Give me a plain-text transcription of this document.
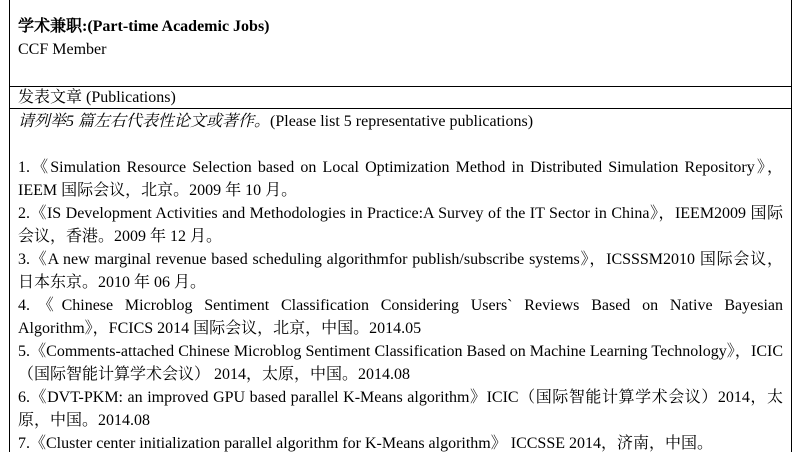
学术兼职:(Part-time Academic Jobs)
CCF Member
发表文章 (Publications)
请列举5 篇左右代表性论文或著作。(Please list 5 representative publications)
1.《Simulation Resource Selection based on Local Optimization Method in Distributed Simulation Repository》，IEEM 国际会议，北京。2009 年 10 月。
2.《IS Development Activities and Methodologies in Practice:A Survey of the IT Sector in China》，IEEM2009 国际会议，香港。2009 年 12 月。
3.《A new marginal revenue based scheduling algorithmfor publish/subscribe systems》，ICSSSM2010 国际会议，日本东京。2010 年 06 月。
4.《Chinese Microblog Sentiment Classification Considering Users` Reviews Based on Native Bayesian Algorithm》，FCICS 2014 国际会议，北京，中国。2014.05
5.《Comments-attached Chinese Microblog Sentiment Classification Based on Machine Learning Technology》，ICIC（国际智能计算学术会议） 2014，太原，中国。2014.08
6.《DVT-PKM: an improved GPU based parallel K-Means algorithm》ICIC（国际智能计算学术会议）2014，太原，中国。2014.08
7.《Cluster center initialization parallel algorithm for K-Means algorithm》 ICCSSE 2014，济南，中国。
